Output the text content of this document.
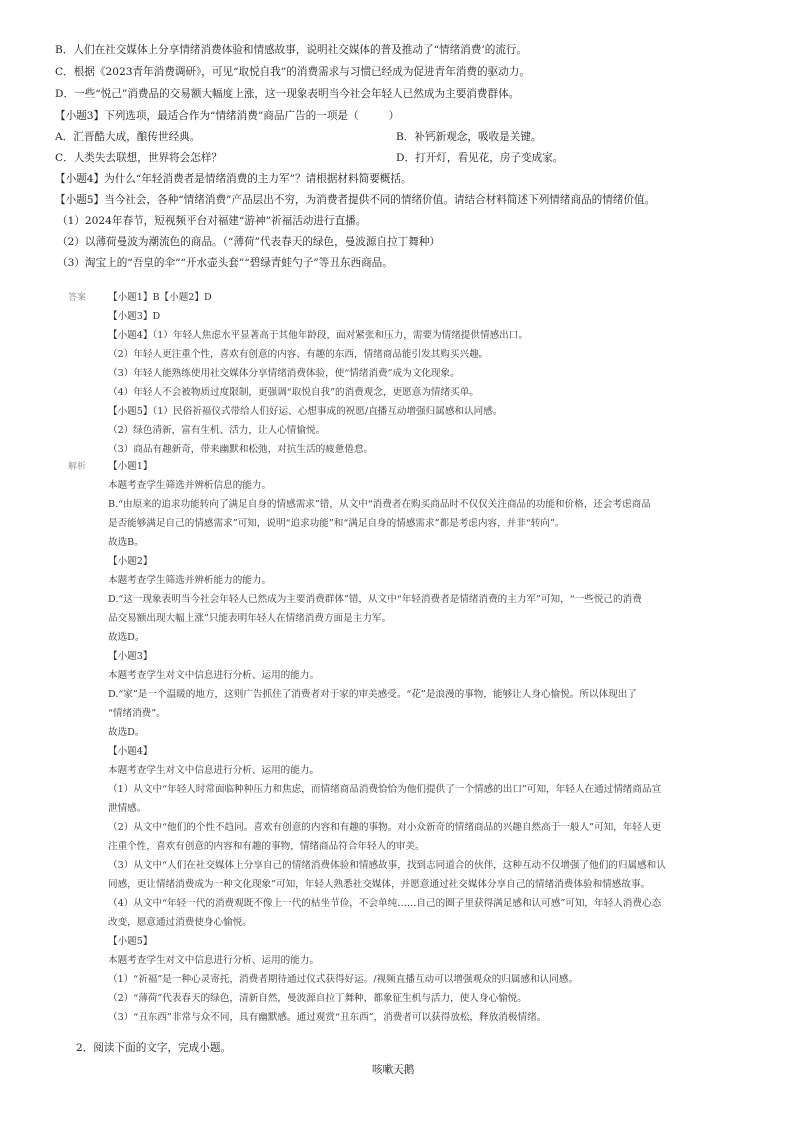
B．人们在社交媒体上分享情绪消费体验和情感故事，说明社交媒体的普及推动了“情绪消费’的流行。
C．根据《2023青年消费调研》，可见“取悦自我”的消费需求与习惯已经成为促进青年消费的驱动力。
D．一些“悦己”消费品的交易额大幅度上涨，这一现象表明当今社会年轻人已然成为主要消费群体。
【小题3】下列选项，最适合作为“情绪消费”商品广告的一项是（	）
A．汇晋酷大成，酿传世经典。	B．补钙新观念，吸收是关键。
C．人类失去联想，世界将会怎样？	D．打开灯，看见花，房子变成家。
【小题4】为什么“年轻消费者是情绪消费的主力军”？请根据材料简要概括。
【小题5】当今社会，各种“情绪消费”产品层出不穷，为消费者提供不同的情绪价值。请结合材料简述下列情绪商品的情绪价值。
（1）2024年春节，短视频平台对福建“游神”祈福活动进行直播。
（2）以薄荷曼波为潮流色的商品。（“薄荷”代表春天的绿色，曼波源自拉丁舞种）
（3）淘宝上的“吾皇的伞”“开水壶头套”“碧绿青蛙勺子”等丑东西商品。
答案 【小题1】B【小题2】D
【小题3】D
【小题4】（1）年轻人焦虑水平显著高于其他年龄段，面对紧张和压力，需要为情绪提供情感出口。
（2）年轻人更注重个性，喜欢有创意的内容、有趣的东西，情绪商品能引发其购买兴趣。
（3）年轻人能熟练使用社交媒体分享情绪消费体验，使“情绪消费”成为文化现象。
（4）年轻人不会被物质过度限制，更强调“取悦自我”的消费观念，更愿意为情绪买单。
【小题5】（1）民俗祈福仪式带给人们好运、心想事成的祝愿/直播互动增强归属感和认同感。
（2）绿色清新，富有生机、活力，让人心情愉悦。
（3）商品有趣新奇，带来幽默和松弛，对抗生活的疲惫倦怠。
解析 【小题1】
本题考查学生筛选并辨析信息的能力。
B.“由原来的追求功能转向了满足自身的情感需求”错，从文中“消费者在购买商品时不仅仅关注商品的功能和价格，还会考虑商品
是否能够满足自己的情感需求”可知，说明“追求功能”和“满足自身的情感需求”都是考虑内容，并非“转向”。
故选B。
【小题2】
本题考查学生筛选并辨析能力的能力。
D.“这一现象表明当今社会年轻人已然成为主要消费群体”错，从文中“年轻消费者是情绪消费的主力军”可知，“一些悦己的消费
品交易额出现大幅上涨”只能表明年轻人在情绪消费方面是主力军。
故选D。
【小题3】
本题考查学生对文中信息进行分析、运用的能力。
D.“家”是一个温暖的地方，这则广告抓住了消费者对于家的审美感受。“花”是浪漫的事物，能够让人身心愉悦。所以体现出了
“情绪消费”。
故选D。
【小题4】
本题考查学生对文中信息进行分析、运用的能力。
（1）从文中“年轻人时常面临种种压力和焦虑，而情绪商品消费恰恰为他们提供了一个情感的出口”可知，年轻人在通过情绪商品宣
泄情感。
（2）从文中“他们的个性不趋同。喜欢有创意的内容和有趣的事物。对小众新奇的情绪商品的兴趣自然高于一般人”可知，年轻人更
注重个性，喜欢有创意的内容和有趣的事物，情绪商品符合年轻人的审美。
（3）从文中“人们在社交媒体上分享自己的情绪消费体验和情感故事，找到志同道合的伙伴，这种互动不仅增强了他们的归属感和认
同感，更让情绪消费成为一种文化现象”可知，年轻人熟悉社交媒体，并愿意通过社交媒体分享自己的情绪消费体验和情感故事。
（4）从文中“年轻一代的消费观既不像上一代的枯坐节俭，不会单纯……自己的圈子里获得满足感和认可感”可知，年轻人消费心态
改变，愿意通过消费使身心愉悦。
【小题5】
本题考查学生对文中信息进行分析、运用的能力。
（1）“祈福”是一种心灵寄托，消费者期待通过仪式获得好运。/视频直播互动可以增强观众的归属感和认同感。
（2）“薄荷”代表春天的绿色，清新自然，曼波源自拉丁舞种，都象征生机与活力，使人身心愉悦。
（3）“丑东西”非常与众不同，具有幽默感。通过观赏“丑东西”，消费者可以获得放松，释放消极情绪。
2．阅读下面的文字，完成小题。
咳嗽天鹅
